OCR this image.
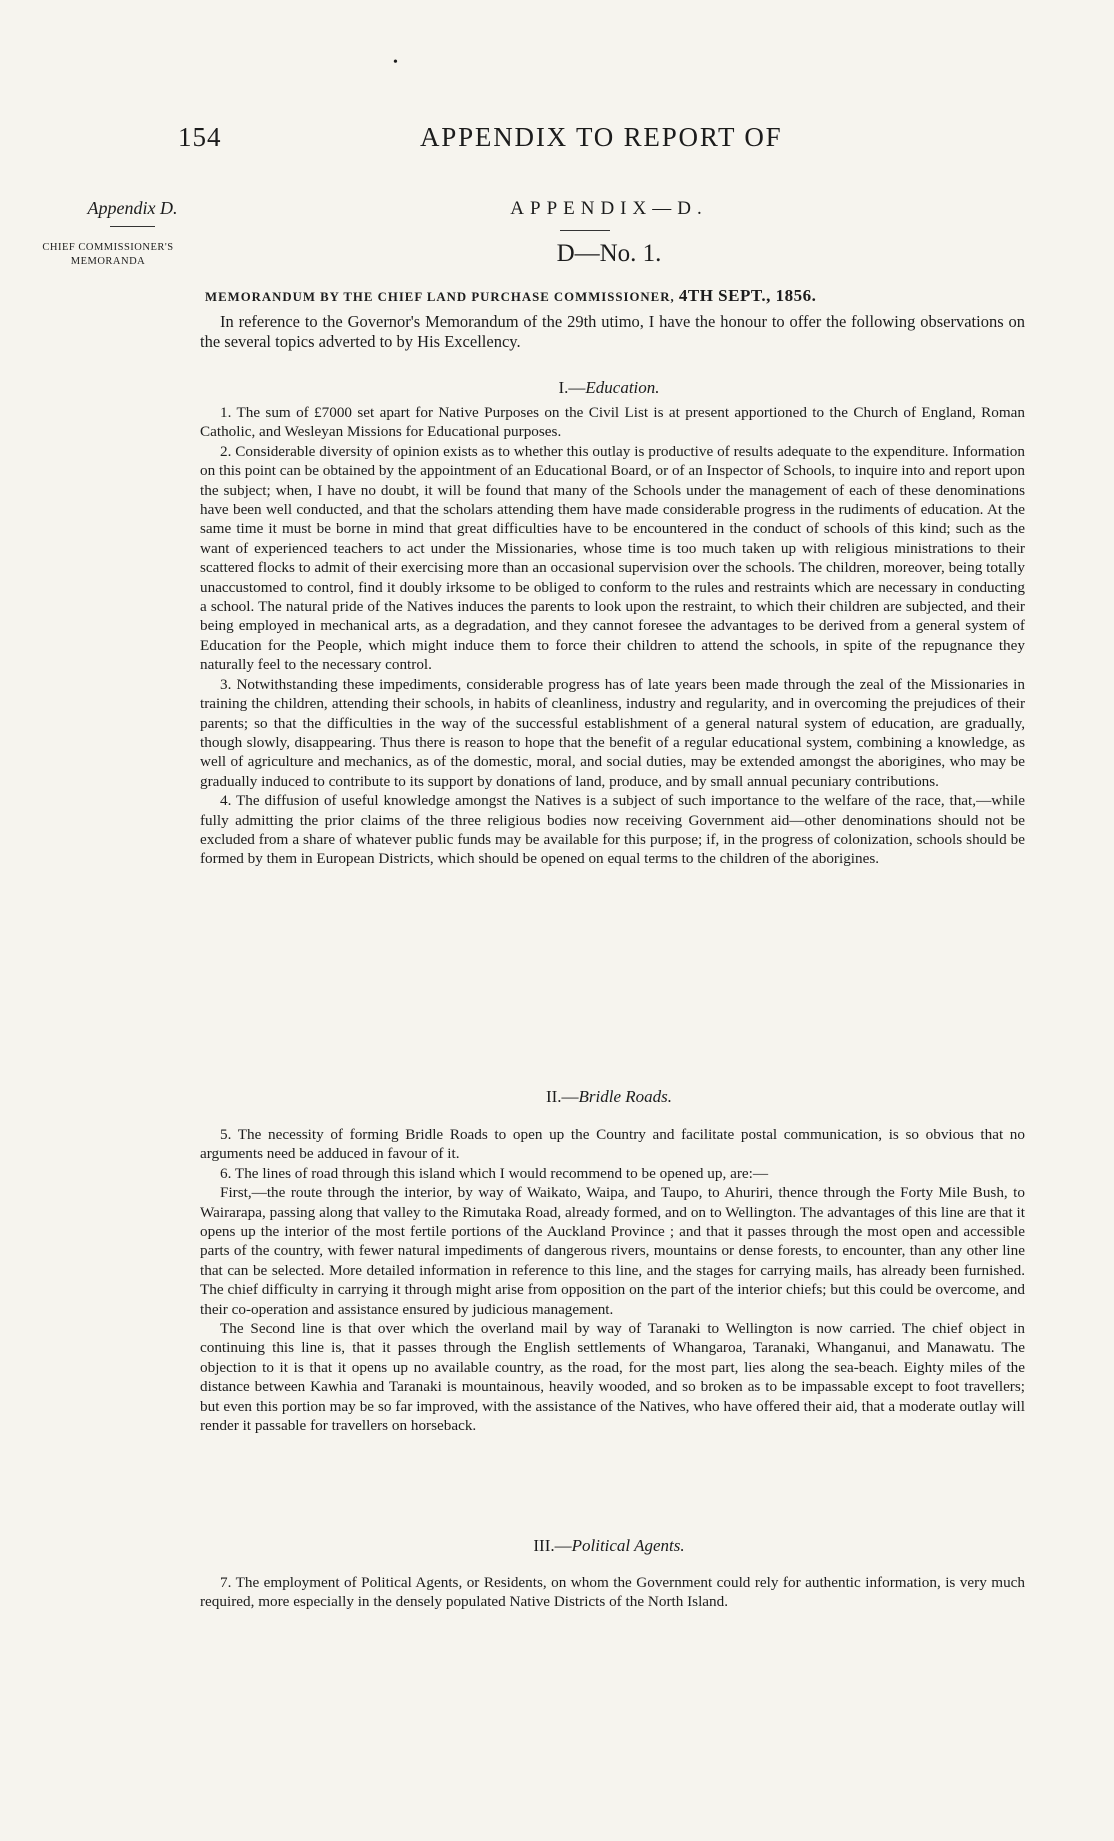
•
154	APPENDIX TO REPORT OF
Appendix D.
CHIEF COMMISSIONER'S
MEMORANDA
APPENDIX—D.
D—No. 1.
MEMORANDUM BY THE CHIEF LAND PURCHASE COMMISSIONER, 4TH SEPT., 1856.
In reference to the Governor's Memorandum of the 29th utimo, I have the honour to offer the following observations on the several topics adverted to by His Excellency.
I.—Education.

1. The sum of £7000 set apart for Native Purposes on the Civil List is at present apportioned to the Church of England, Roman Catholic, and Wesleyan Missions for Educational purposes.

2. Considerable diversity of opinion exists as to whether this outlay is productive of results adequate to the expenditure. Information on this point can be obtained by the appointment of an Educational Board, or of an Inspector of Schools, to inquire into and report upon the subject; when, I have no doubt, it will be found that many of the Schools under the management of each of these denominations have been well conducted, and that the scholars attending them have made considerable progress in the rudiments of education. At the same time it must be borne in mind that great difficulties have to be encountered in the conduct of schools of this kind; such as the want of experienced teachers to act under the Missionaries, whose time is too much taken up with religious ministrations to their scattered flocks to admit of their exercising more than an occasional supervision over the schools. The children, moreover, being totally unaccustomed to control, find it doubly irksome to be obliged to conform to the rules and restraints which are necessary in conducting a school. The natural pride of the Natives induces the parents to look upon the restraint, to which their children are subjected, and their being employed in mechanical arts, as a degradation, and they cannot foresee the advantages to be derived from a general system of Education for the People, which might induce them to force their children to attend the schools, in spite of the repugnance they naturally feel to the necessary control.

3. Notwithstanding these impediments, considerable progress has of late years been made through the zeal of the Missionaries in training the children, attending their schools, in habits of cleanliness, industry and regularity, and in overcoming the prejudices of their parents; so that the difficulties in the way of the successful establishment of a general natural system of education, are gradually, though slowly, disappearing. Thus there is reason to hope that the benefit of a regular educational system, combining a knowledge, as well of agriculture and mechanics, as of the domestic, moral, and social duties, may be extended amongst the aborigines, who may be gradually induced to contribute to its support by donations of land, produce, and by small annual pecuniary contributions.

4. The diffusion of useful knowledge amongst the Natives is a subject of such importance to the welfare of the race, that,—while fully admitting the prior claims of the three religious bodies now receiving Government aid—other denominations should not be excluded from a share of whatever public funds may be available for this purpose; if, in the progress of colonization, schools should be formed by them in European Districts, which should be opened on equal terms to the children of the aborigines.

II.—Bridle Roads.

5. The necessity of forming Bridle Roads to open up the Country and facilitate postal communication, is so obvious that no arguments need be adduced in favour of it.

6. The lines of road through this island which I would recommend to be opened up, are:—

First,—the route through the interior, by way of Waikato, Waipa, and Taupo, to Ahuriri, thence through the Forty Mile Bush, to Wairarapa, passing along that valley to the Rimutaka Road, already formed, and on to Wellington. The advantages of this line are that it opens up the interior of the most fertile portions of the Auckland Province ; and that it passes through the most open and accessible parts of the country, with fewer natural impediments of dangerous rivers, mountains or dense forests, to encounter, than any other line that can be selected. More detailed information in reference to this line, and the stages for carrying mails, has already been furnished. The chief difficulty in carrying it through might arise from opposition on the part of the interior chiefs; but this could be overcome, and their co-operation and assistance ensured by judicious management.

The Second line is that over which the overland mail by way of Taranaki to Wellington is now carried. The chief object in continuing this line is, that it passes through the English settlements of Whangaroa, Taranaki, Whanganui, and Manawatu. The objection to it is that it opens up no available country, as the road, for the most part, lies along the sea-beach. Eighty miles of the distance between Kawhia and Taranaki is mountainous, heavily wooded, and so broken as to be impassable except to foot travellers; but even this portion may be so far improved, with the assistance of the Natives, who have offered their aid, that a moderate outlay will render it passable for travellers on horseback.

III.—Political Agents.

7. The employment of Political Agents, or Residents, on whom the Government could rely for authentic information, is very much required, more especially in the densely populated Native Districts of the North Island.
